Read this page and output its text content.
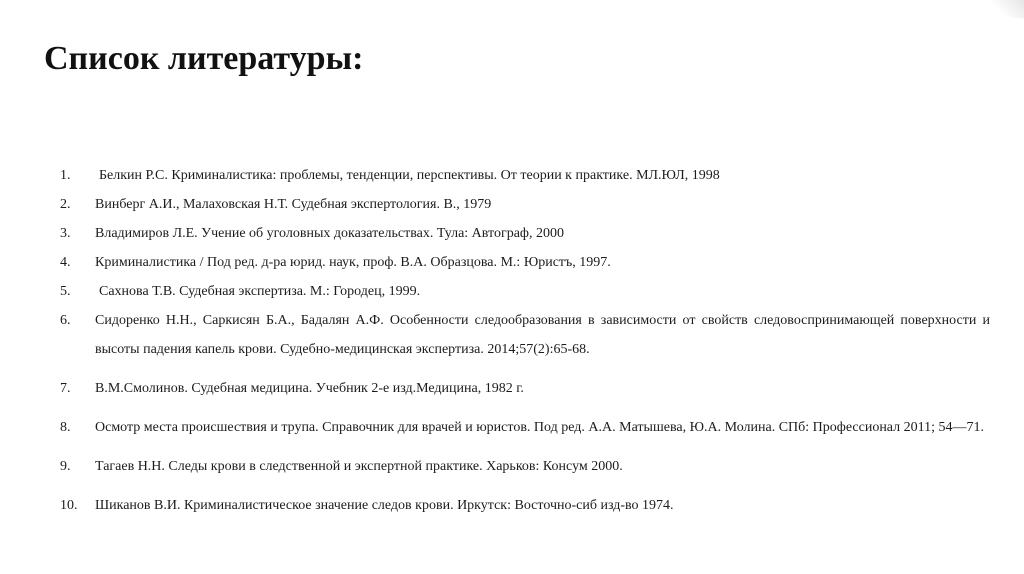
Список литературы:
1. Белкин Р.С. Криминалистика: проблемы, тенденции, перспективы. От теории к практике. МЛ.ЮЛ, 1998
2. Винберг А.И., Малаховская Н.Т. Судебная экспертология. В., 1979
3. Владимиров Л.Е. Учение об уголовных доказательствах. Тула: Автограф, 2000
4. Криминалистика / Под ред. д-ра юрид. наук, проф. В.А. Образцова. М.: Юристъ, 1997.
5. Сахнова Т.В. Судебная экспертиза. М.: Городец, 1999.
6. Сидоренко Н.Н., Саркисян Б.А., Бадалян А.Ф. Особенности следообразования в зависимости от свойств следовоспринимающей поверхности и высоты падения капель крови. Судебно-медицинская экспертиза. 2014;57(2):65-68.
7. В.М.Смолинов. Судебная медицина. Учебник 2-е изд.Медицина, 1982 г.
8. Осмотр места происшествия и трупа. Справочник для врачей и юристов. Под ред. А.А. Матышева, Ю.А. Молина. СПб: Профессионал 2011; 54—71.
9. Тагаев Н.Н. Следы крови в следственной и экспертной практике. Харьков: Консум 2000.
10. Шиканов В.И. Криминалистическое значение следов крови. Иркутск: Восточно-сиб изд-во 1974.
